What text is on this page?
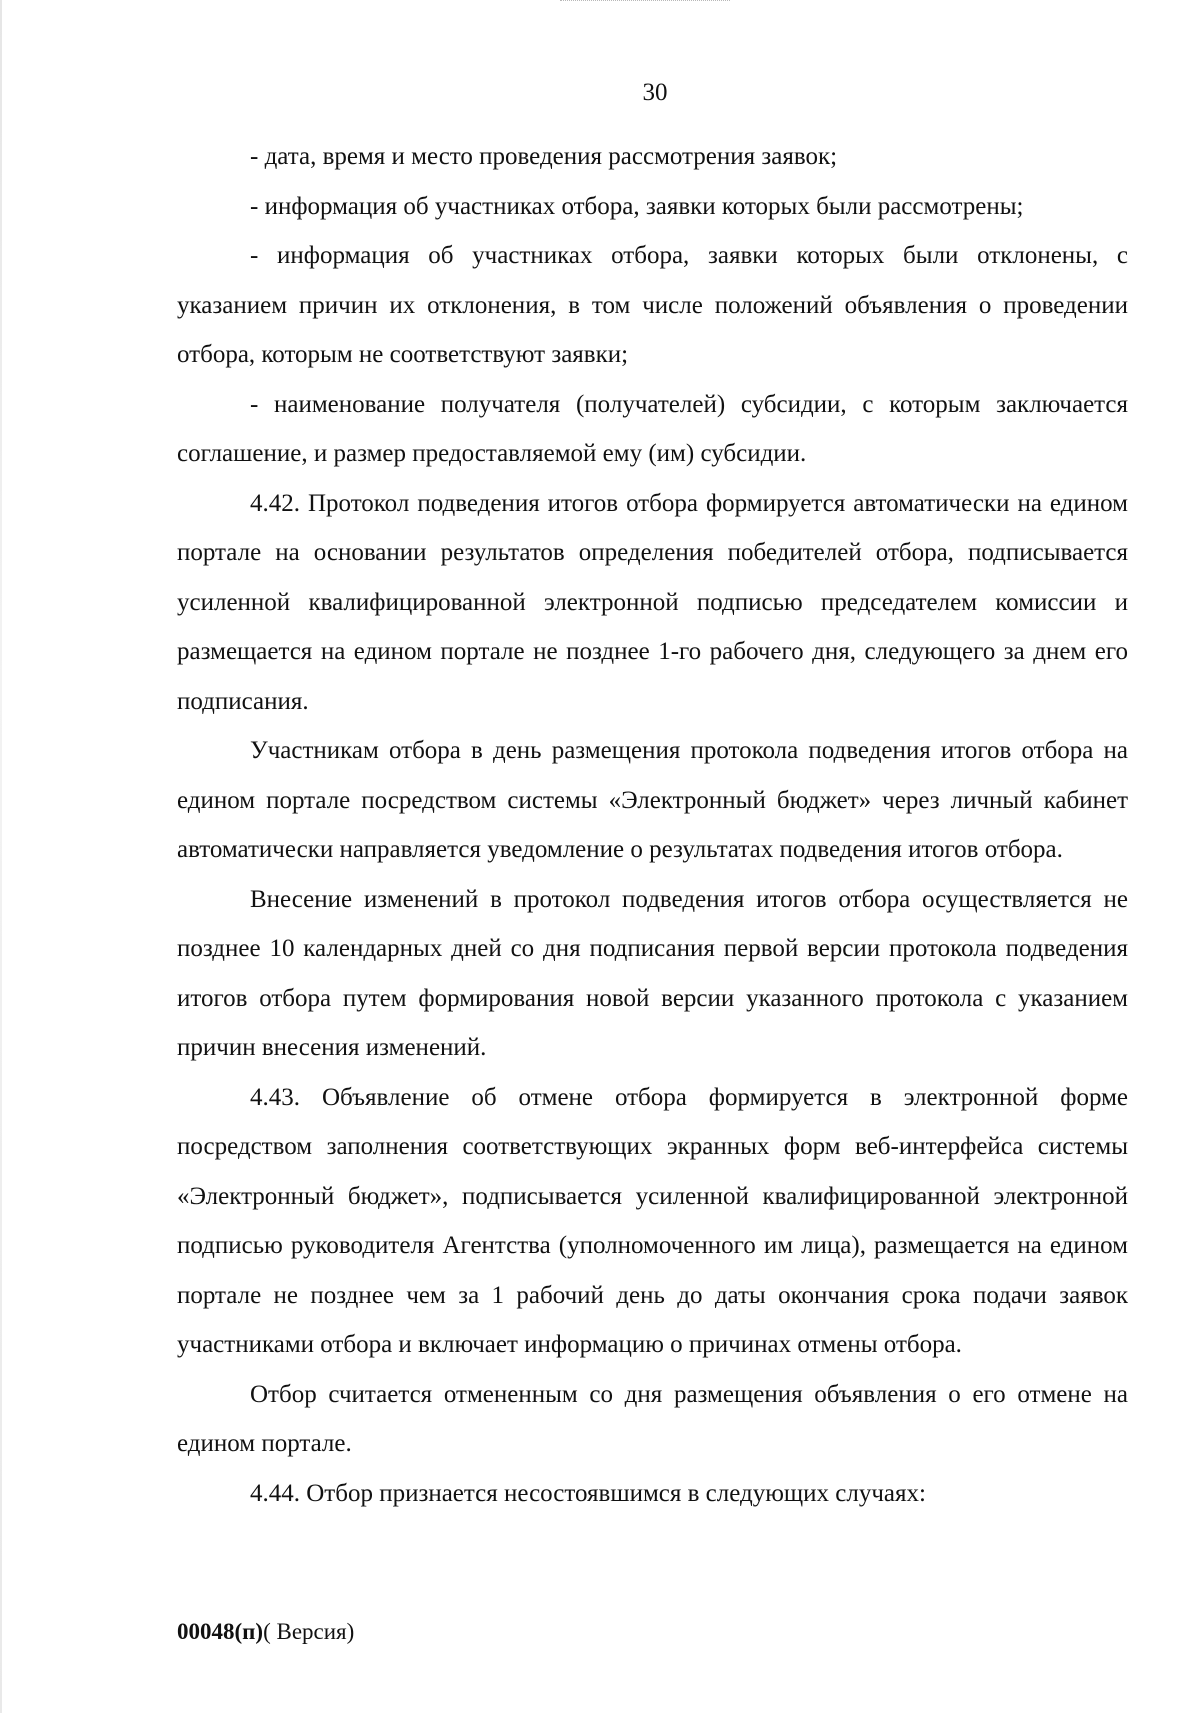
30

- дата, время и место проведения рассмотрения заявок;

- информация об участниках отбора, заявки которых были рассмотрены;

- информация об участниках отбора, заявки которых были отклонены, с указанием причин их отклонения, в том числе положений объявления о проведении отбора, которым не соответствуют заявки;

- наименование получателя (получателей) субсидии, с которым заключается соглашение, и размер предоставляемой ему (им) субсидии.

4.42. Протокол подведения итогов отбора формируется автоматически на едином портале на основании результатов определения победителей отбора, подписывается усиленной квалифицированной электронной подписью председателем комиссии и размещается на едином портале не позднее 1-го рабочего дня, следующего за днем его подписания.

Участникам отбора в день размещения протокола подведения итогов отбора на едином портале посредством системы «Электронный бюджет» через личный кабинет автоматически направляется уведомление о результатах подведения итогов отбора.

Внесение изменений в протокол подведения итогов отбора осуществляется не позднее 10 календарных дней со дня подписания первой версии протокола подведения итогов отбора путем формирования новой версии указанного протокола с указанием причин внесения изменений.

4.43. Объявление об отмене отбора формируется в электронной форме посредством заполнения соответствующих экранных форм веб-интерфейса системы «Электронный бюджет», подписывается усиленной квалифицированной электронной подписью руководителя Агентства (уполномоченного им лица), размещается на едином портале не позднее чем за 1 рабочий день до даты окончания срока подачи заявок участниками отбора и включает информацию о причинах отмены отбора.

Отбор считается отмененным со дня размещения объявления о его отмене на едином портале.

4.44. Отбор признается несостоявшимся в следующих случаях:

00048(п)( Версия)
